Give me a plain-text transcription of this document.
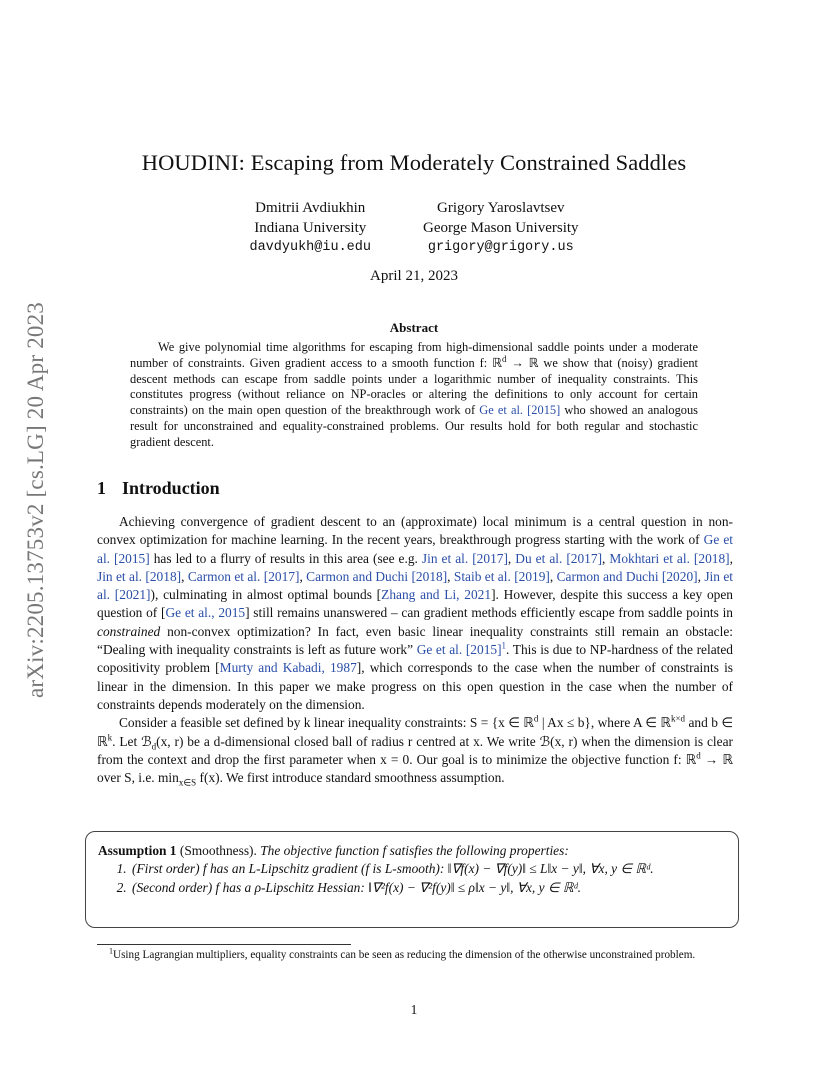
arXiv:2205.13753v2 [cs.LG] 20 Apr 2023
HOUDINI: Escaping from Moderately Constrained Saddles
Dmitrii Avdiukhin
Indiana University
davdyukh@iu.edu
Grigory Yaroslavtsev
George Mason University
grigory@grigory.us
April 21, 2023
Abstract
We give polynomial time algorithms for escaping from high-dimensional saddle points under a moderate number of constraints. Given gradient access to a smooth function f: ℝ$^d$ → ℝ we show that (noisy) gradient descent methods can escape from saddle points under a logarithmic number of inequality constraints. This constitutes progress (without reliance on NP-oracles or altering the definitions to only account for certain constraints) on the main open question of the breakthrough work of Ge et al. [2015] who showed an analogous result for unconstrained and equality-constrained problems. Our results hold for both regular and stochastic gradient descent.
1 Introduction

Achieving convergence of gradient descent to an (approximate) local minimum is a central question in non-convex optimization for machine learning. In the recent years, breakthrough progress starting with the work of Ge et al. [2015] has led to a flurry of results in this area (see e.g. Jin et al. [2017], Du et al. [2017], Mokhtari et al. [2018], Jin et al. [2018], Carmon et al. [2017], Carmon and Duchi [2018], Staib et al. [2019], Carmon and Duchi [2020], Jin et al. [2021]), culminating in almost optimal bounds [Zhang and Li, 2021]. However, despite this success a key open question of [Ge et al., 2015] still remains unanswered – can gradient methods efficiently escape from saddle points in constrained non-convex optimization? In fact, even basic linear inequality constraints still remain an obstacle: “Dealing with inequality constraints is left as future work” Ge et al. [2015]$^1$. This is due to NP-hardness of the related copositivity problem [Murty and Kabadi, 1987], which corresponds to the case when the number of constraints is linear in the dimension. In this paper we make progress on this open question in the case when the number of constraints depends moderately on the dimension.

Consider a feasible set defined by k linear inequality constraints: S = {x ∈ ℝ$^d$ | Ax ≤ b}, where A ∈ ℝ$^{k\times d}$ and b ∈ ℝ$^k$. Let ℬ$_d$(x, r) be a d-dimensional closed ball of radius r centred at x. We write ℬ(x, r) when the dimension is clear from the context and drop the first parameter when x = 0. Our goal is to minimize the objective function f: ℝ$^d$ → ℝ over S, i.e. $\min_{x\in S} f(x)$. We first introduce standard smoothness assumption.

Assumption 1 (Smoothness). The objective function f satisfies the following properties:
1. (First order) f has an L-Lipschitz gradient (f is L-smooth): ‖∇f(x) − ∇f(y)‖ ≤ L‖x − y‖, ∀x, y ∈ ℝᵈ.
2. (Second order) f has a ρ-Lipschitz Hessian: ‖∇²f(x) − ∇²f(y)‖ ≤ ρ‖x − y‖, ∀x, y ∈ ℝᵈ.
$^1$Using Lagrangian multipliers, equality constraints can be seen as reducing the dimension of the otherwise unconstrained problem.
1
